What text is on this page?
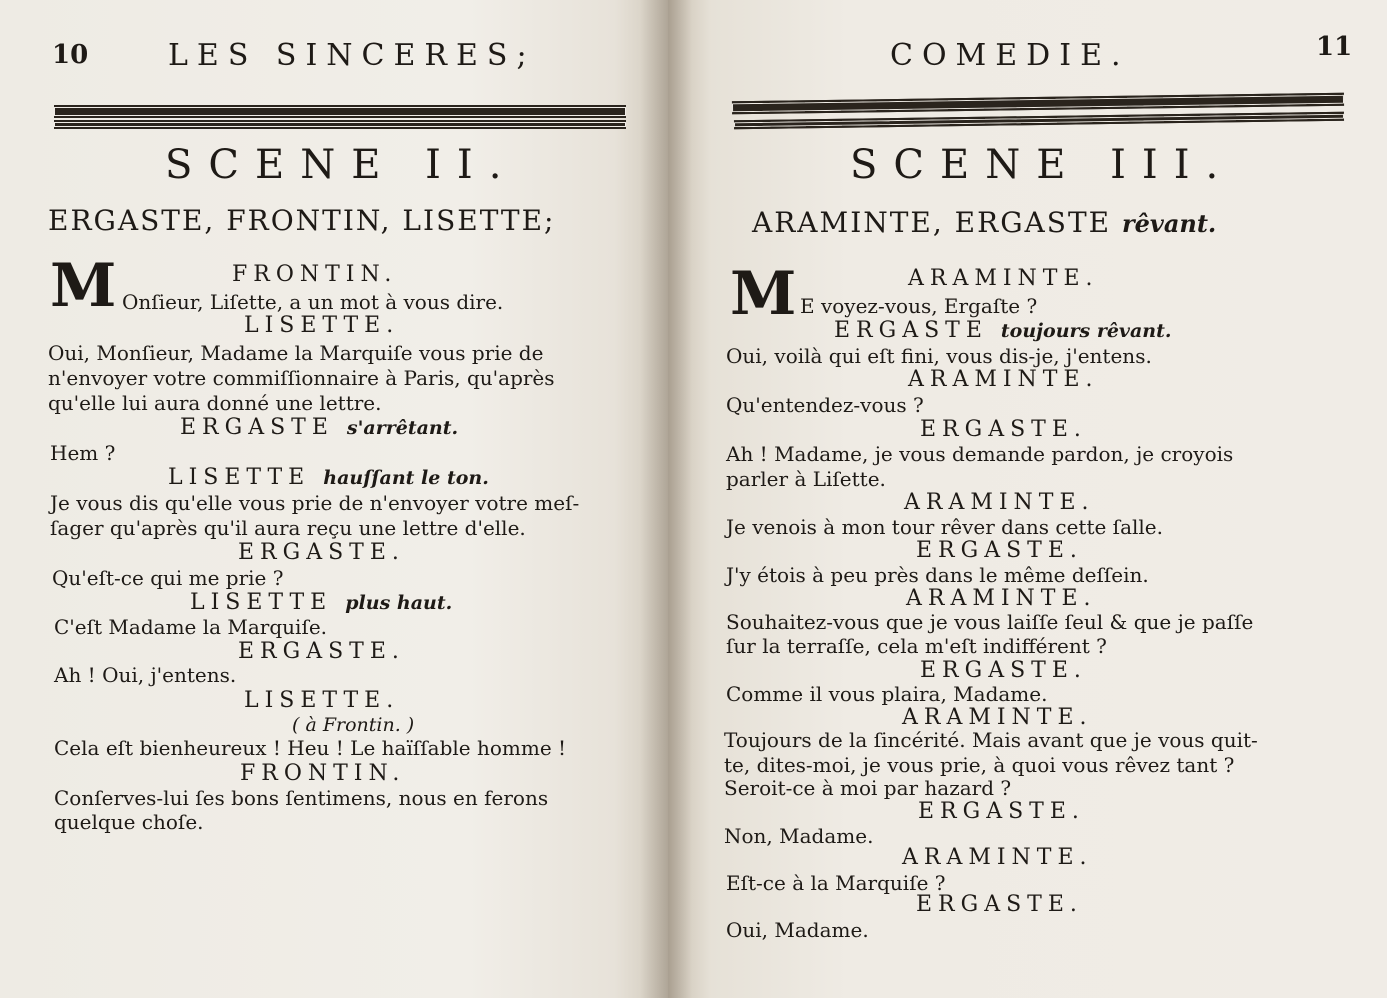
10	LES SINCERES;
SCENE II.
ERGASTE, FRONTIN, LISETTE;
M	FRONTIN.
Onſieur, Liſette, a un mot à vous dire.
LISETTE.
Oui, Monſieur, Madame la Marquiſe vous prie de
n'envoyer votre commiſſionnaire à Paris, qu'après
qu'elle lui aura donné une lettre.
ERGASTE s'arrêtant.
Hem ?
LISETTE hauſſant le ton.
Je vous dis qu'elle vous prie de n'envoyer votre meſ-
ſager qu'après qu'il aura reçu une lettre d'elle.
ERGASTE.
Qu'eſt-ce qui me prie ?
LISETTE plus haut.
C'eſt Madame la Marquiſe.
ERGASTE.
Ah ! Oui, j'entens.
LISETTE.
( à Frontin. )
Cela eſt bienheureux ! Heu ! Le haïſſable homme !
FRONTIN.
Conſerves-lui ſes bons ſentimens, nous en ferons
quelque choſe.
COMEDIE.	11
SCENE III.
ARAMINTE, ERGASTE rêvant.
M	ARAMINTE.
E voyez-vous, Ergaſte ?
ERGASTE toujours rêvant.
Oui, voilà qui eſt fini, vous dis-je, j'entens.
ARAMINTE.
Qu'entendez-vous ?
ERGASTE.
Ah ! Madame, je vous demande pardon, je croyois
parler à Liſette.
ARAMINTE.
Je venois à mon tour rêver dans cette ſalle.
ERGASTE.
J'y étois à peu près dans le même deſſein.
ARAMINTE.
Souhaitez-vous que je vous laiſſe ſeul & que je paſſe
ſur la terraſſe, cela m'eſt indifférent ?
ERGASTE.
Comme il vous plaira, Madame.
ARAMINTE.
Toujours de la ſincérité. Mais avant que je vous quit-
te, dites-moi, je vous prie, à quoi vous rêvez tant ?
Seroit-ce à moi par hazard ?
ERGASTE.
Non, Madame.
ARAMINTE.
Eſt-ce à la Marquiſe ?
ERGASTE.
Oui, Madame.
